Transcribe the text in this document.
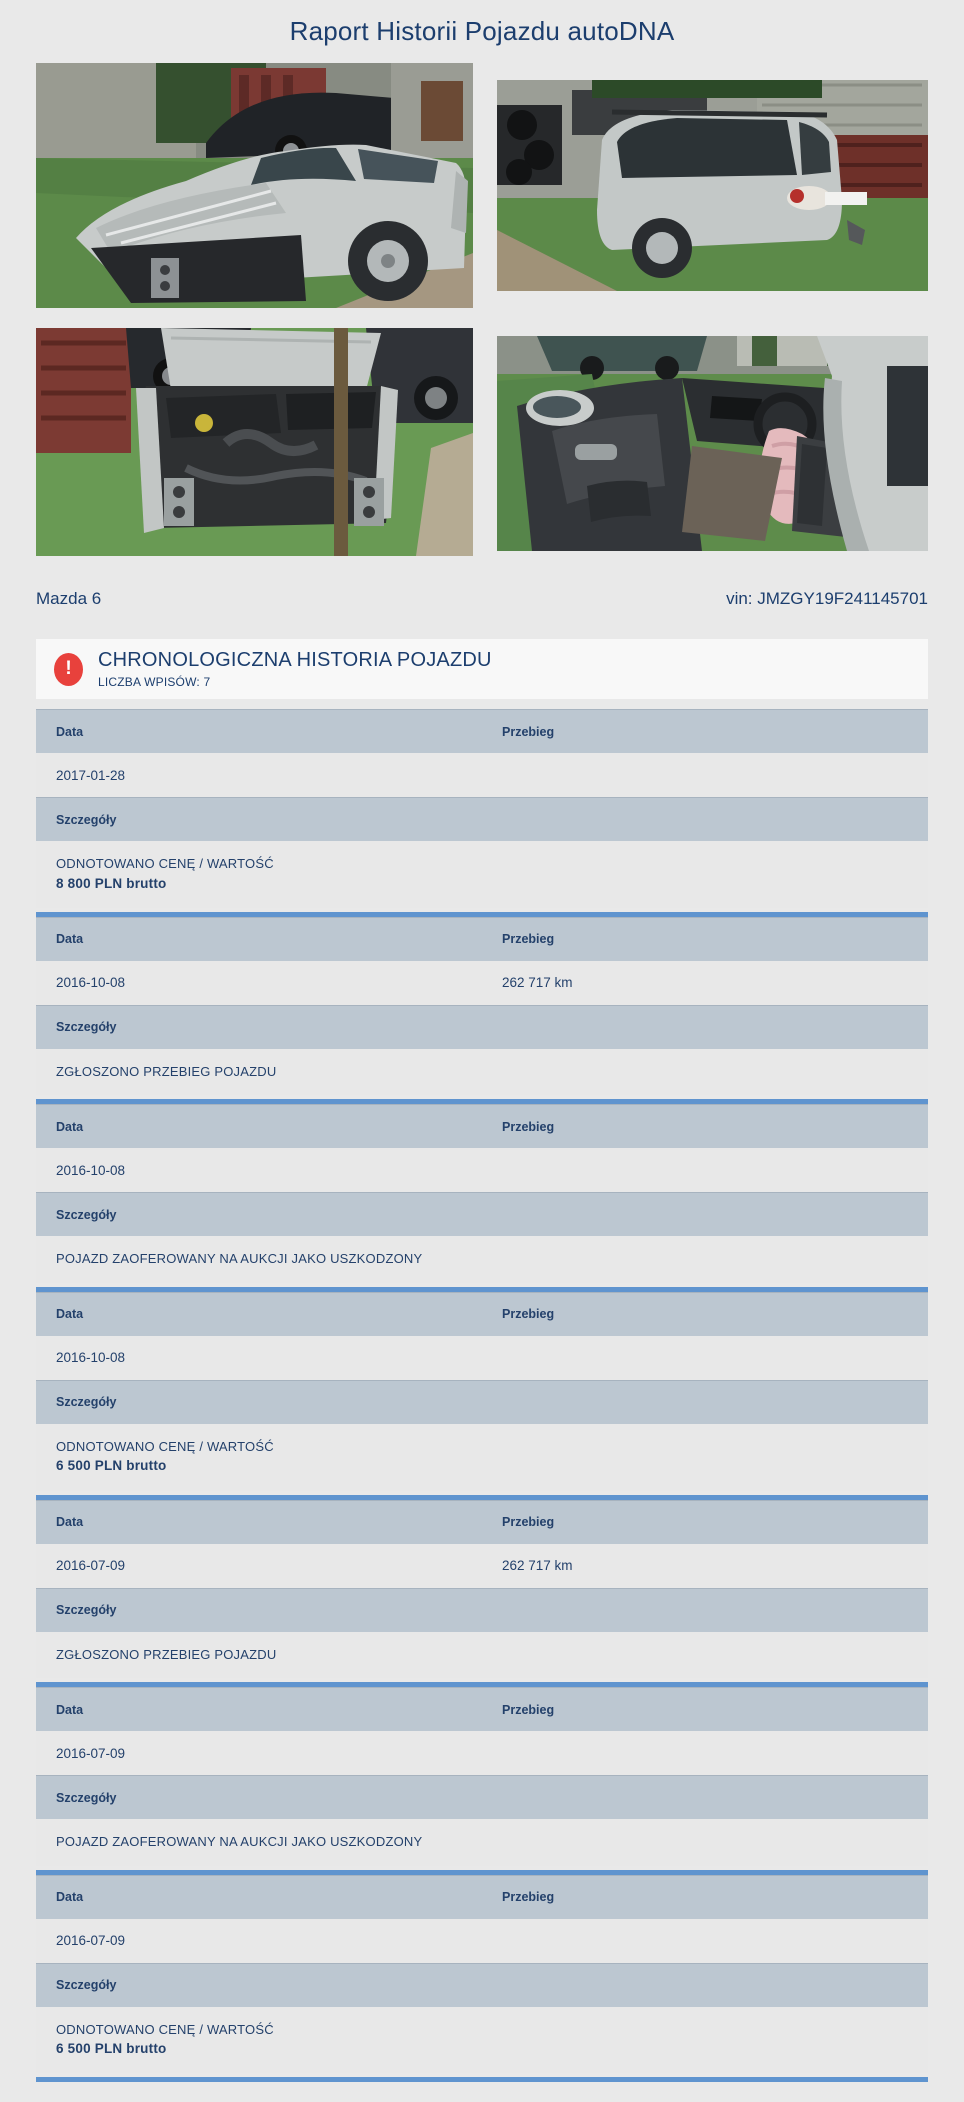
Raport Historii Pojazdu autoDNA
Mazda 6	vin: JMZGY19F241145701
! CHRONOLOGICZNA HISTORIA POJAZDU
LICZBA WPISÓW: 7
Data	Przebieg
2017-01-28
Szczegóły
ODNOTOWANO CENĘ / WARTOŚĆ
8 800 PLN brutto
Data	Przebieg
2016-10-08	262 717 km
Szczegóły
ZGŁOSZONO PRZEBIEG POJAZDU
Data	Przebieg
2016-10-08
Szczegóły
POJAZD ZAOFEROWANY NA AUKCJI JAKO USZKODZONY
Data	Przebieg
2016-10-08
Szczegóły
ODNOTOWANO CENĘ / WARTOŚĆ
6 500 PLN brutto
Data	Przebieg
2016-07-09	262 717 km
Szczegóły
ZGŁOSZONO PRZEBIEG POJAZDU
Data	Przebieg
2016-07-09
Szczegóły
POJAZD ZAOFEROWANY NA AUKCJI JAKO USZKODZONY
Data	Przebieg
2016-07-09
Szczegóły
ODNOTOWANO CENĘ / WARTOŚĆ
6 500 PLN brutto
